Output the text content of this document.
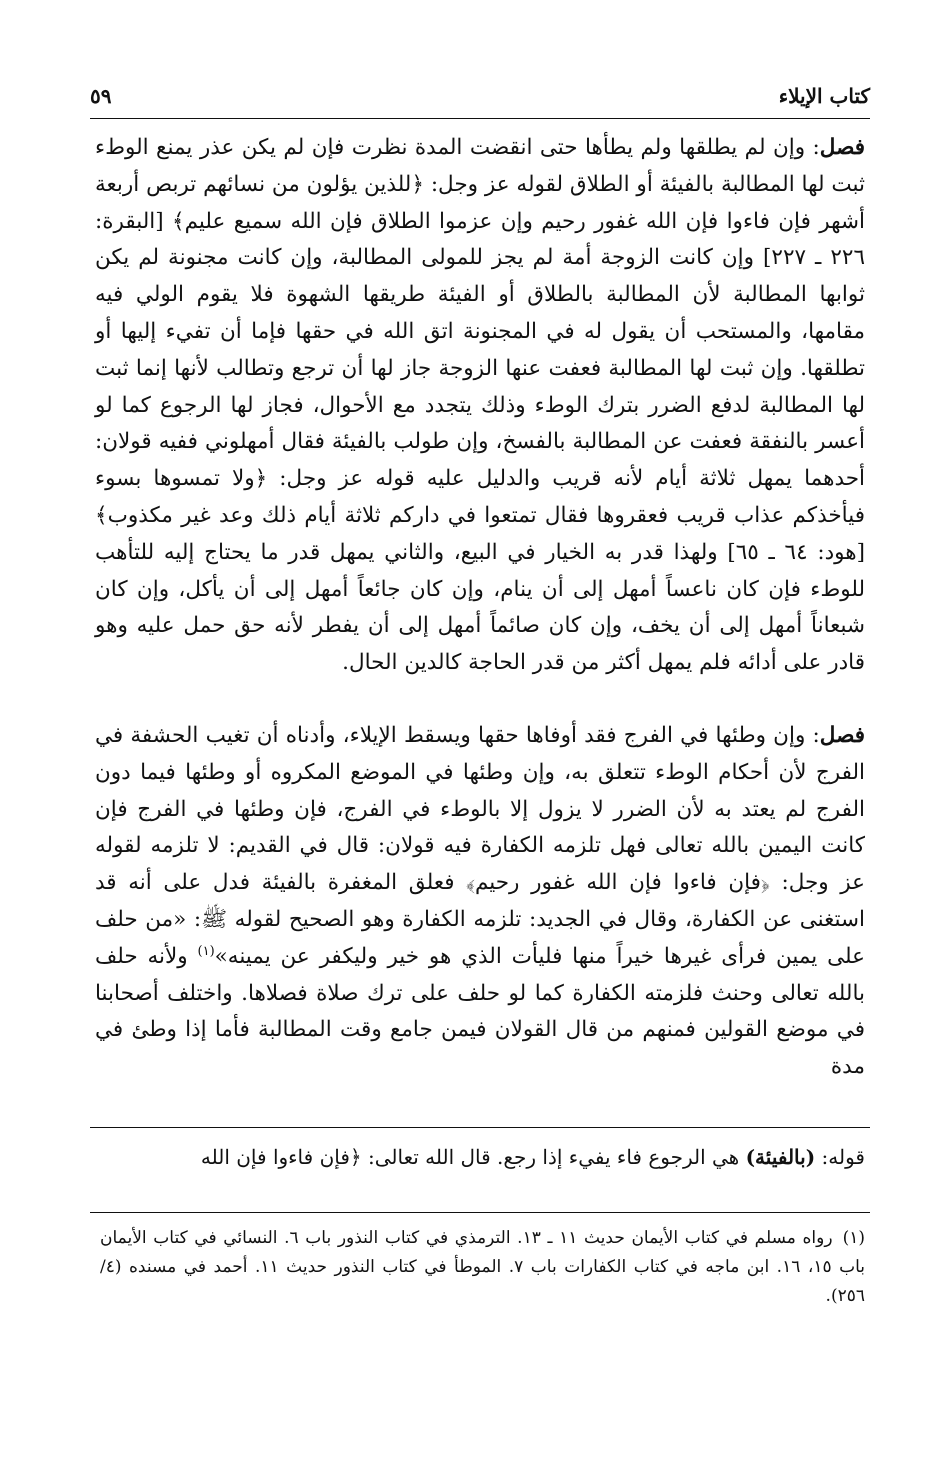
كتاب الإيلاء
٥٩

فصل: وإن لم يطلقها ولم يطأها حتى انقضت المدة نظرت فإن لم يكن عذر يمنع الوطء ثبت لها المطالبة بالفيئة أو الطلاق لقوله عز وجل: ﴿للذين يؤلون من نسائهم تربص أربعة أشهر فإن فاءوا فإن الله غفور رحيم وإن عزموا الطلاق فإن الله سميع عليم﴾ [البقرة: ٢٢٦ ـ ٢٢٧] وإن كانت الزوجة أمة لم يجز للمولى المطالبة، وإن كانت مجنونة لم يكن ثوابها المطالبة لأن المطالبة بالطلاق أو الفيئة طريقها الشهوة فلا يقوم الولي فيه مقامها، والمستحب أن يقول له في المجنونة اتق الله في حقها فإما أن تفيء إليها أو تطلقها. وإن ثبت لها المطالبة فعفت عنها الزوجة جاز لها أن ترجع وتطالب لأنها إنما ثبت لها المطالبة لدفع الضرر بترك الوطء وذلك يتجدد مع الأحوال، فجاز لها الرجوع كما لو أعسر بالنفقة فعفت عن المطالبة بالفسخ، وإن طولب بالفيئة فقال أمهلوني ففيه قولان: أحدهما يمهل ثلاثة أيام لأنه قريب والدليل عليه قوله عز وجل: ﴿ولا تمسوها بسوء فيأخذكم عذاب قريب فعقروها فقال تمتعوا في داركم ثلاثة أيام ذلك وعد غير مكذوب﴾ [هود: ٦٤ ـ ٦٥] ولهذا قدر به الخيار في البيع، والثاني يمهل قدر ما يحتاج إليه للتأهب للوطء فإن كان ناعساً أمهل إلى أن ينام، وإن كان جائعاً أمهل إلى أن يأكل، وإن كان شبعاناً أمهل إلى أن يخف، وإن كان صائماً أمهل إلى أن يفطر لأنه حق حمل عليه وهو قادر على أدائه فلم يمهل أكثر من قدر الحاجة كالدين الحال.

فصل: وإن وطئها في الفرج فقد أوفاها حقها ويسقط الإيلاء، وأدناه أن تغيب الحشفة في الفرج لأن أحكام الوطء تتعلق به، وإن وطئها في الموضع المكروه أو وطئها فيما دون الفرج لم يعتد به لأن الضرر لا يزول إلا بالوطء في الفرج، فإن وطئها في الفرج فإن كانت اليمين بالله تعالى فهل تلزمه الكفارة فيه قولان: قال في القديم: لا تلزمه لقوله عز وجل: ﴿فإن فاءوا فإن الله غفور رحيم﴾ فعلق المغفرة بالفيئة فدل على أنه قد استغنى عن الكفارة، وقال في الجديد: تلزمه الكفارة وهو الصحيح لقوله ﷺ: «من حلف على يمين فرأى غيرها خيراً منها فليأت الذي هو خير وليكفر عن يمينه»$^{(١)}$ ولأنه حلف بالله تعالى وحنث فلزمته الكفارة كما لو حلف على ترك صلاة فصلاها. واختلف أصحابنا في موضع القولين فمنهم من قال القولان فيمن جامع وقت المطالبة فأما إذا وطئ في مدة

قوله: (بالفيئة) هي الرجوع فاء يفيء إذا رجع. قال الله تعالى: ﴿فإن فاءوا فإن الله
(١)رواه مسلم في كتاب الأيمان حديث ١١ ـ ١٣. الترمذي في كتاب النذور باب ٦. النسائي في كتاب الأيمان باب ١٥، ١٦. ابن ماجه في كتاب الكفارات باب ٧. الموطأ في كتاب النذور حديث ١١. أحمد في مسنده (٤/ ٢٥٦).
